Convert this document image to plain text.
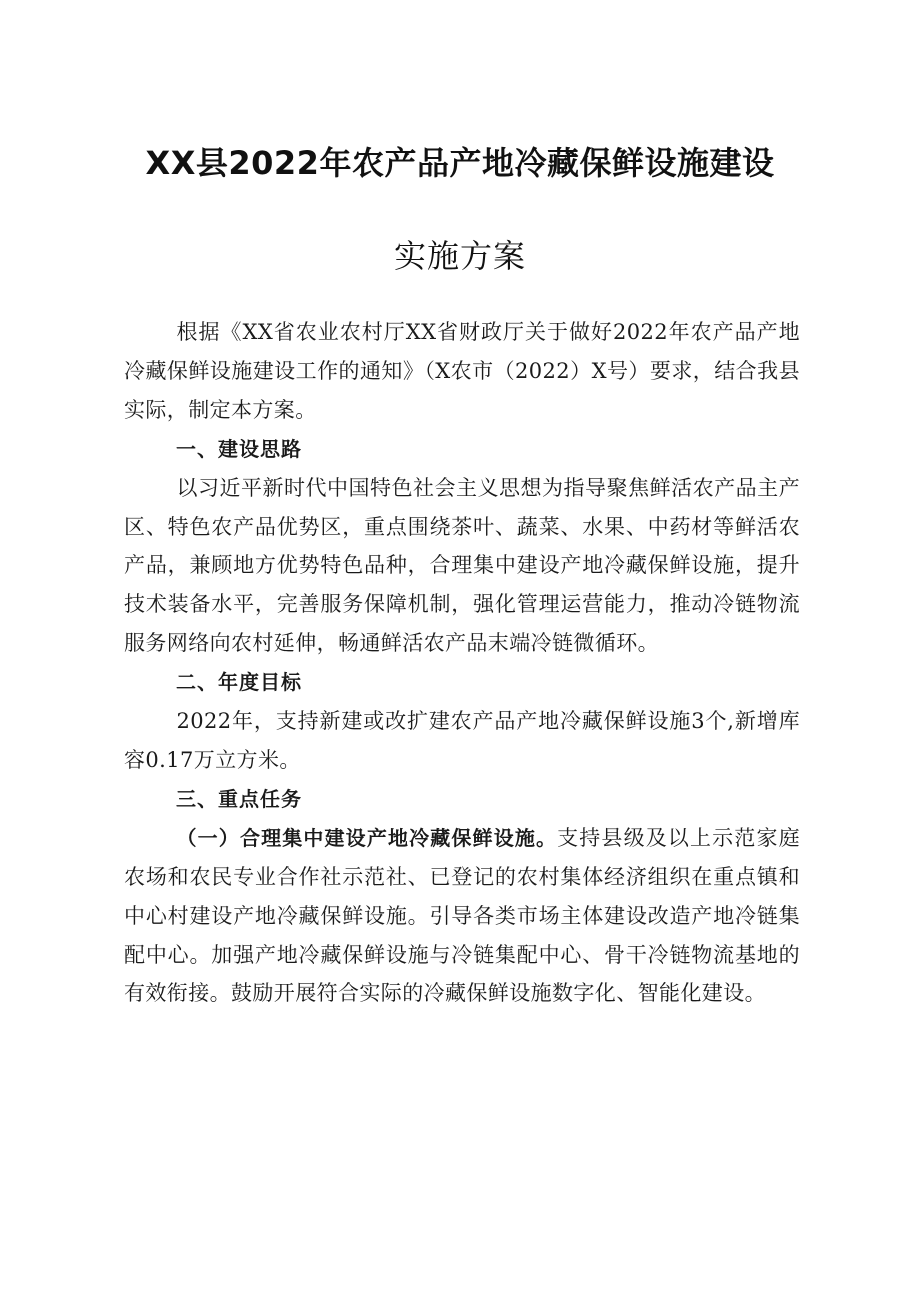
XX县2022年农产品产地冷藏保鲜设施建设
实施方案

根据《XX省农业农村厅XX省财政厅关于做好2022年农产品产地冷藏保鲜设施建设工作的通知》（X农市（2022）X号）要求，结合我县实际，制定本方案。

一、建设思路

以习近平新时代中国特色社会主义思想为指导聚焦鲜活农产品主产区、特色农产品优势区，重点围绕茶叶、蔬菜、水果、中药材等鲜活农产品，兼顾地方优势特色品种，合理集中建设产地冷藏保鲜设施，提升技术装备水平，完善服务保障机制，强化管理运营能力，推动冷链物流服务网络向农村延伸，畅通鲜活农产品末端冷链微循环。

二、年度目标

2022年，支持新建或改扩建农产品产地冷藏保鲜设施3个,新增库容0.17万立方米。

三、重点任务

（一）合理集中建设产地冷藏保鲜设施。支持县级及以上示范家庭农场和农民专业合作社示范社、已登记的农村集体经济组织在重点镇和中心村建设产地冷藏保鲜设施。引导各类市场主体建设改造产地冷链集配中心。加强产地冷藏保鲜设施与冷链集配中心、骨干冷链物流基地的有效衔接。鼓励开展符合实际的冷藏保鲜设施数字化、智能化建设。
